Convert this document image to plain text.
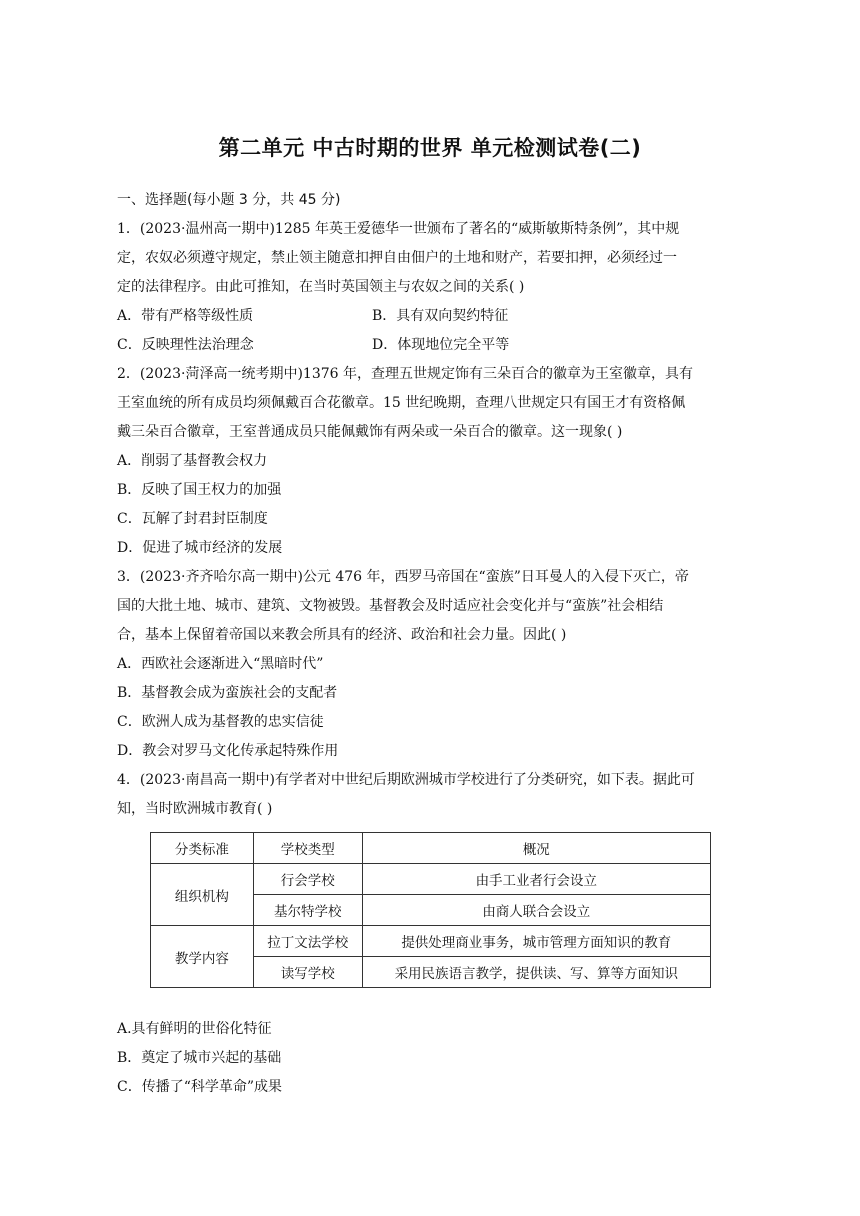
第二单元 中古时期的世界 单元检测试卷(二)
一、选择题(每小题 3 分，共 45 分)
1．(2023·温州高一期中)1285 年英王爱德华一世颁布了著名的“威斯敏斯特条例”，其中规
定，农奴必须遵守规定，禁止领主随意扣押自由佃户的土地和财产，若要扣押，必须经过一
定的法律程序。由此可推知，在当时英国领主与农奴之间的关系( )
A．带有严格等级性质	B．具有双向契约特征
C．反映理性法治理念	D．体现地位完全平等
2．(2023·菏泽高一统考期中)1376 年，查理五世规定饰有三朵百合的徽章为王室徽章，具有
王室血统的所有成员均须佩戴百合花徽章。15 世纪晚期，查理八世规定只有国王才有资格佩
戴三朵百合徽章，王室普通成员只能佩戴饰有两朵或一朵百合的徽章。这一现象( )
A．削弱了基督教会权力
B．反映了国王权力的加强
C．瓦解了封君封臣制度
D．促进了城市经济的发展
3．(2023·齐齐哈尔高一期中)公元 476 年，西罗马帝国在“蛮族”日耳曼人的入侵下灭亡，帝
国的大批土地、城市、建筑、文物被毁。基督教会及时适应社会变化并与“蛮族”社会相结
合，基本上保留着帝国以来教会所具有的经济、政治和社会力量。因此( )
A．西欧社会逐渐进入“黑暗时代”
B．基督教会成为蛮族社会的支配者
C．欧洲人成为基督教的忠实信徒
D．教会对罗马文化传承起特殊作用
4．(2023·南昌高一期中)有学者对中世纪后期欧洲城市学校进行了分类研究，如下表。据此可
知，当时欧洲城市教育( )
分类标准	学校类型	概况
组织机构	行会学校	由手工业者行会设立
	基尔特学校	由商人联合会设立
教学内容	拉丁文法学校	提供处理商业事务，城市管理方面知识的教育
	读写学校	采用民族语言教学，提供读、写、算等方面知识
A.具有鲜明的世俗化特征
B．奠定了城市兴起的基础
C．传播了“科学革命”成果
